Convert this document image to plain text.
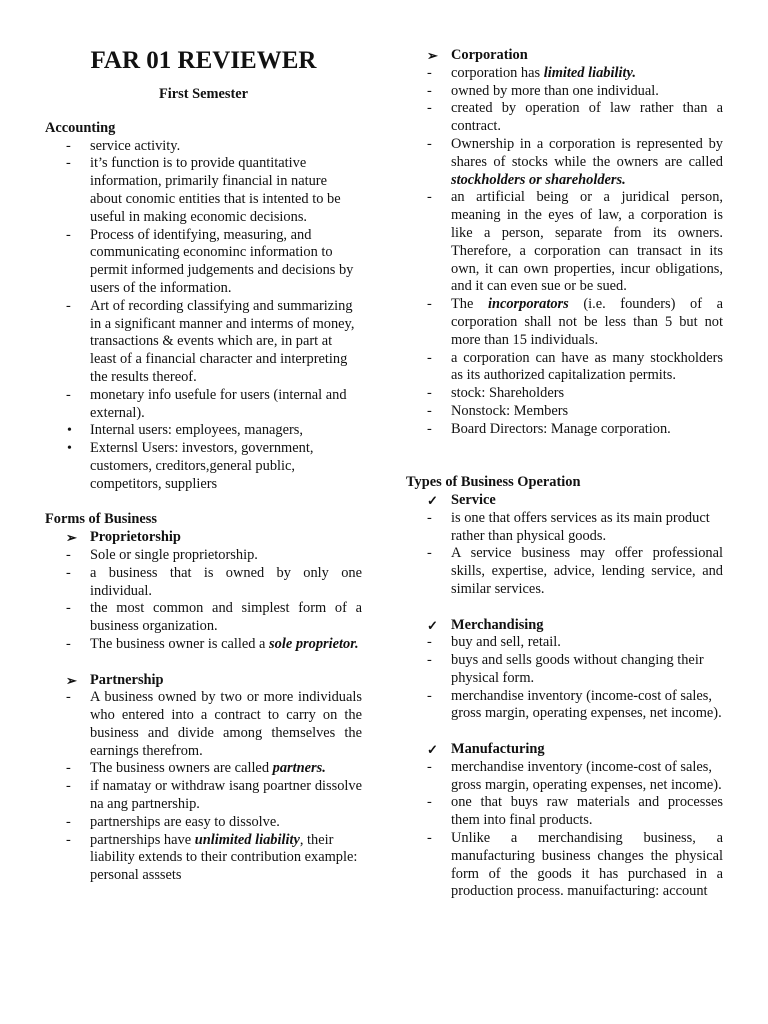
FAR 01 REVIEWER

First Semester

Accounting

- service activity.
- it’s function is to provide quantitative information, primarily financial in nature about conomic entities that is intented to be useful in making economic decisions.
- Process of identifying, measuring, and communicating econominc information to permit informed judgements and decisions by users of the information.
- Art of recording classifying and summarizing in a significant manner and interms of money, transactions & events which are, in part at least of a financial character and interpreting the results thereof.
- monetary info usefule for users (internal and external).
• Internal users: employees, managers,
• Externsl Users: investors, government, customers, creditors,general public, competitors, suppliers

Forms of Business

➢ Proprietorship
- Sole or single proprietorship.
- a business that is owned by only one individual.
- the most common and simplest form of a business organization.
- The business owner is called a sole proprietor.
➢ Partnership
- A business owned by two or more individuals who entered into a contract to carry on the business and divide among themselves the earnings therefrom.
- The business owners are called partners.
- if namatay or withdraw isang poartner dissolve na ang partnership.
- partnerships are easy to dissolve.
- partnerships have unlimited liability, their liability extends to their contribution example: personal asssets
➢ Corporation
- corporation has limited liability.
- owned by more than one individual.
- created by operation of law rather than a contract.
- Ownership in a corporation is represented by shares of stocks while the owners are called stockholders or shareholders.
- an artificial being or a juridical person, meaning in the eyes of law, a corporation is like a person, separate from its owners. Therefore, a corporation can transact in its own, it can own properties, incur obligations, and it can even sue or be sued.
- The incorporators (i.e. founders) of a corporation shall not be less than 5 but not more than 15 individuals.
- a corporation can have as many stockholders as its authorized capitalization permits.
- stock: Shareholders
- Nonstock: Members
- Board Directors: Manage corporation.

Types of Business Operation

✓ Service
- is one that offers services as its main product rather than physical goods.
- A service business may offer professional skills, expertise, advice, lending service, and similar services.
✓ Merchandising
- buy and sell, retail.
- buys and sells goods without changing their physical form.
- merchandise inventory (income-cost of sales, gross margin, operating expenses, net income).
✓ Manufacturing
- merchandise inventory (income-cost of sales, gross margin, operating expenses, net income).
- one that buys raw materials and processes them into final products.
- Unlike a merchandising business, a manufacturing business changes the physical form of the goods it has purchased in a production process. manuifacturing: account
